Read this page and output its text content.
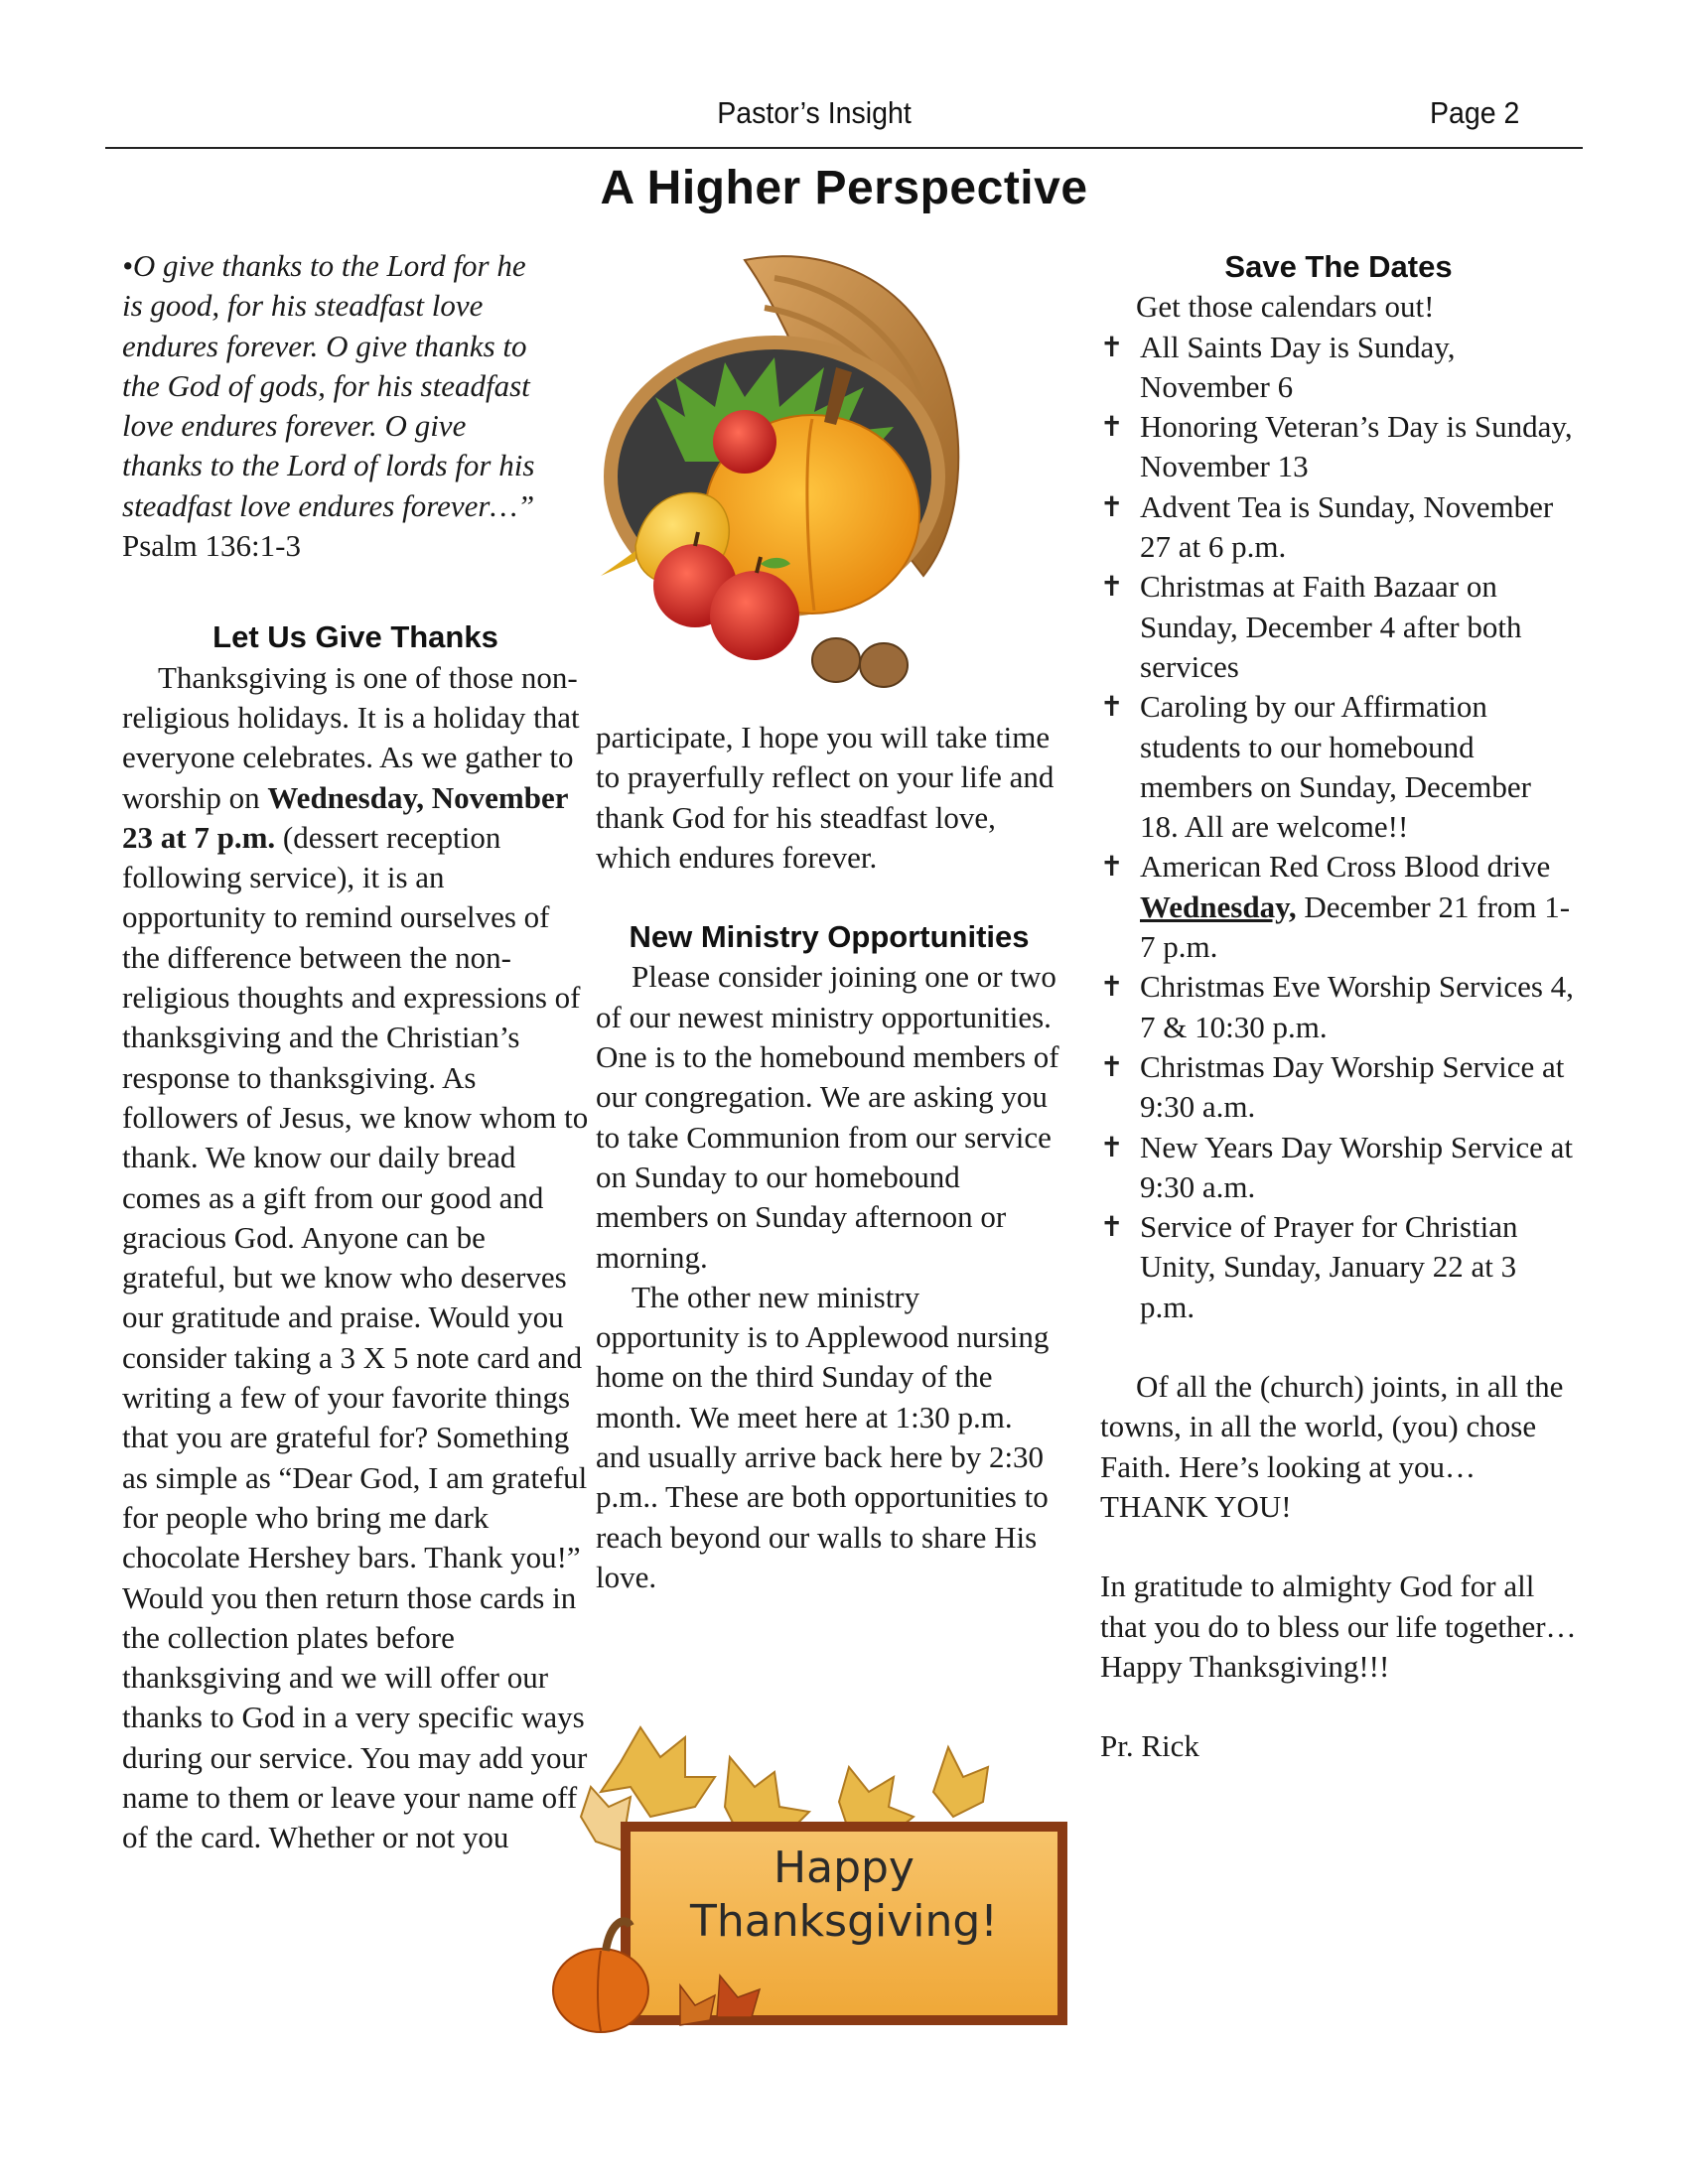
Pastor’s Insight	Page 2
A Higher Perspective
•O give thanks to the Lord for he
is good, for his steadfast love
endures forever. O give thanks to
the God of gods, for his steadfast
love endures forever. O give
thanks to the Lord of lords for his
steadfast love endures forever…”
Psalm 136:1-3
Let Us Give Thanks

Thanksgiving is one of those non-religious holidays. It is a holiday that everyone celebrates. As we gather to worship on Wednesday, November 23 at 7 p.m. (dessert reception following service), it is an opportunity to remind ourselves of the difference between the non-religious thoughts and expressions of thanksgiving and the Christian’s response to thanksgiving. As followers of Jesus, we know whom to thank. We know our daily bread comes as a gift from our good and gracious God. Anyone can be grateful, but we know who deserves our gratitude and praise. Would you consider taking a 3 X 5 note card and writing a few of your favorite things that you are grateful for? Something as simple as “Dear God, I am grateful for people who bring me dark chocolate Hershey bars. Thank you!” Would you then return those cards in the collection plates before thanksgiving and we will offer our thanks to God in a very specific ways during our service. You may add your name to them or leave your name off of the card. Whether or not you

participate, I hope you will take time to prayerfully reflect on your life and thank God for his steadfast love, which endures forever.

New Ministry Opportunities

Please consider joining one or two of our newest ministry opportunities. One is to the homebound members of our congregation. We are asking you to take Communion from our service on Sunday to our homebound members on Sunday afternoon or morning.

The other new ministry opportunity is to Applewood nursing home on the third Sunday of the month. We meet here at 1:30 p.m. and usually arrive back here by 2:30 p.m.. These are both opportunities to reach beyond our walls to share His love.

Happy
Thanksgiving!
Save The Dates
Get those calendars out!
✝ All Saints Day is Sunday, November 6
✝ Honoring Veteran’s Day is Sunday, November 13
✝ Advent Tea is Sunday, November 27 at 6 p.m.
✝ Christmas at Faith Bazaar on Sunday, December 4 after both services
✝ Caroling by our Affirmation students to our homebound members on Sunday, December 18. All are welcome!!
✝ American Red Cross Blood drive Wednesday, December 21 from 1-7 p.m.
✝ Christmas Eve Worship Services 4, 7 & 10:30 p.m.
✝ Christmas Day Worship Service at 9:30 a.m.
✝ New Years Day Worship Service at 9:30 a.m.
✝ Service of Prayer for Christian Unity, Sunday, January 22 at 3 p.m.

Of all the (church) joints, in all the towns, in all the world, (you) chose Faith. Here’s looking at you…THANK YOU!

In gratitude to almighty God for all that you do to bless our life together…Happy Thanksgiving!!!

Pr. Rick
